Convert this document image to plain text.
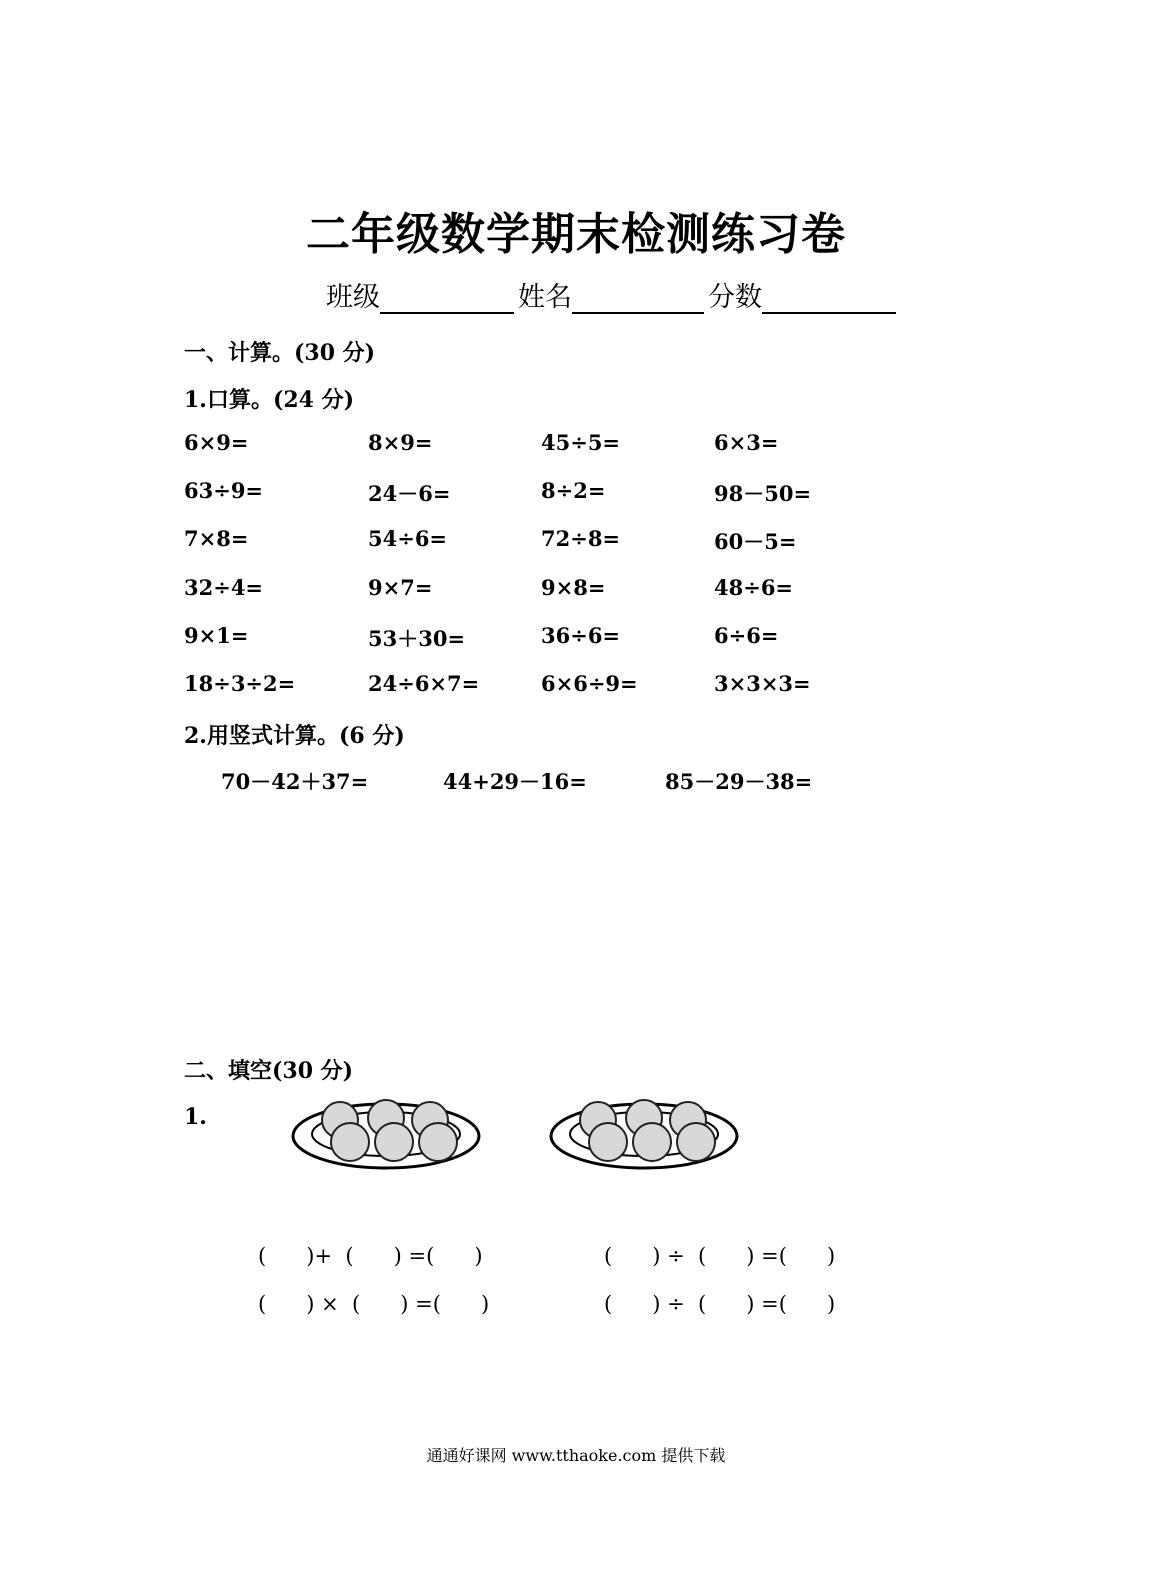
二年级数学期末检测练习卷
班级	姓名	分数
一、计算。(30 分)
1.口算。(24 分)
6×9=	8×9=	45÷5=	6×3=
63÷9=	24－6=	8÷2=	98－50=
7×8=	54÷6=	72÷8=	60－5=
32÷4=	9×7=	9×8=	48÷6=
9×1=	53＋30=	36÷6=	6÷6=
18÷3÷2=	24÷6×7=	6×6÷9=	3×3×3=
2.用竖式计算。(6 分)
70－42＋37=	44+29－16=	85－29－38=
二、填空(30 分)
1.
(      )+  (      ) =(      )	(      ) ÷  (      ) =(      )
(      ) ×  (      ) =(      )	(      ) ÷  (      ) =(      )
通通好课网 www.tthaoke.com 提供下载
